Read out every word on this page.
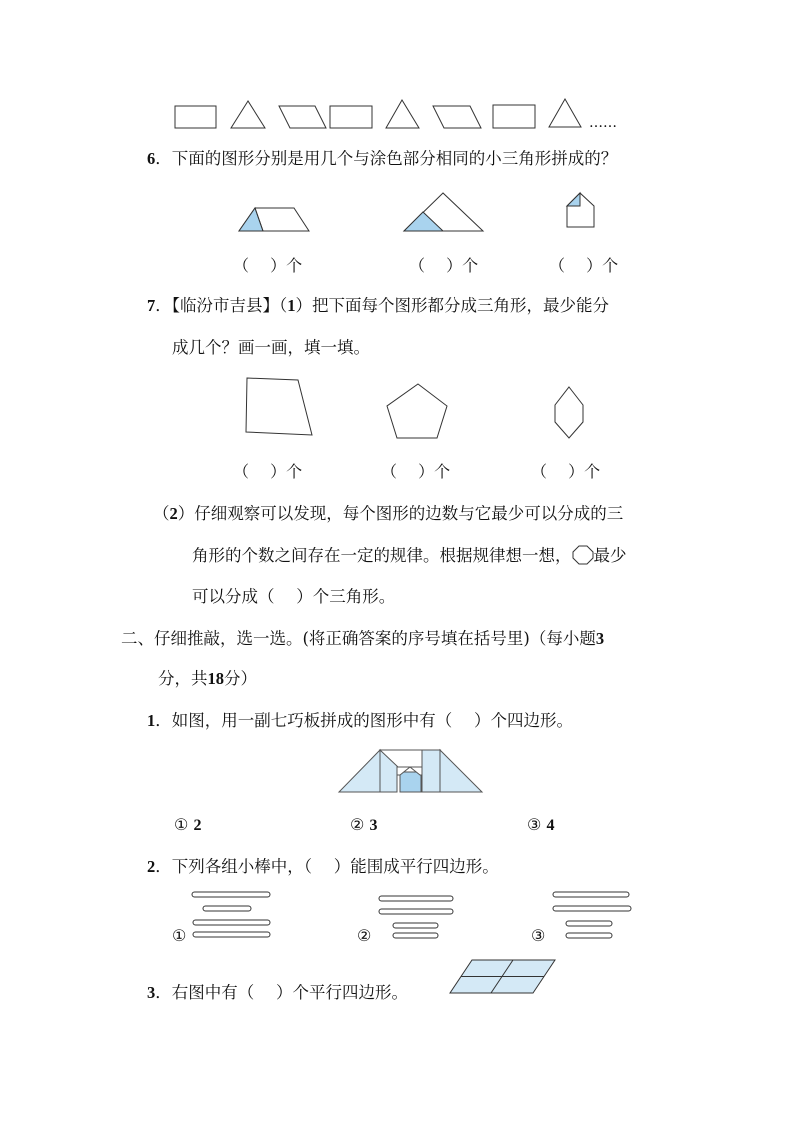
……
6．下面的图形分别是用几个与涂色部分相同的小三角形拼成的？
（　 ）个	（　 ）个	（　 ）个
7．【临汾市吉县】（1）把下面每个图形都分成三角形，最少能分
成几个？画一画，填一填。
（　 ）个	（　 ）个	（　 ）个
（2）仔细观察可以发现，每个图形的边数与它最少可以分成的三
角形的个数之间存在一定的规律。根据规律想一想， 最少
可以分成（　 ）个三角形。
二、仔细推敲，选一选。(将正确答案的序号填在括号里)（每小题3
分，共18分）
1．如图，用一副七巧板拼成的图形中有（　 ）个四边形。
① 2	② 3	③ 4
2．下列各组小棒中，（　 ）能围成平行四边形。
①	②	③
3．右图中有（　 ）个平行四边形。
